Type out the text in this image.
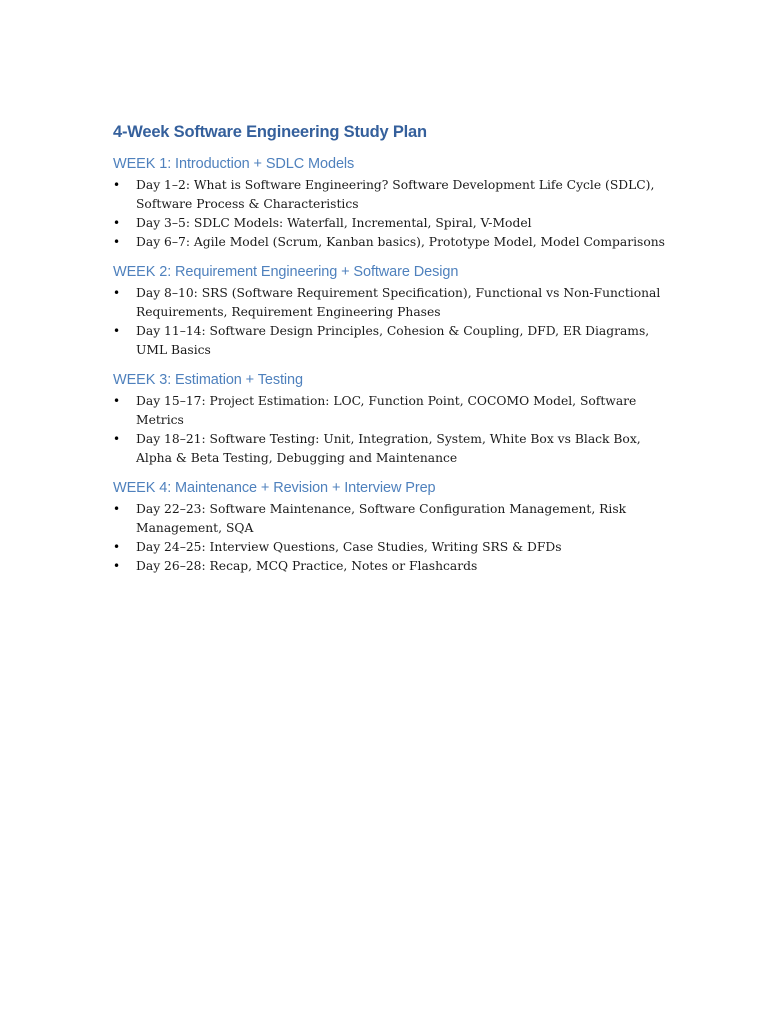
4-Week Software Engineering Study Plan
WEEK 1: Introduction + SDLC Models
• Day 1–2: What is Software Engineering? Software Development Life Cycle (SDLC), Software Process & Characteristics
• Day 3–5: SDLC Models: Waterfall, Incremental, Spiral, V-Model
• Day 6–7: Agile Model (Scrum, Kanban basics), Prototype Model, Model Comparisons
WEEK 2: Requirement Engineering + Software Design
• Day 8–10: SRS (Software Requirement Specification), Functional vs Non-Functional Requirements, Requirement Engineering Phases
• Day 11–14: Software Design Principles, Cohesion & Coupling, DFD, ER Diagrams, UML Basics
WEEK 3: Estimation + Testing
• Day 15–17: Project Estimation: LOC, Function Point, COCOMO Model, Software Metrics
• Day 18–21: Software Testing: Unit, Integration, System, White Box vs Black Box, Alpha & Beta Testing, Debugging and Maintenance
WEEK 4: Maintenance + Revision + Interview Prep
• Day 22–23: Software Maintenance, Software Configuration Management, Risk Management, SQA
• Day 24–25: Interview Questions, Case Studies, Writing SRS & DFDs
• Day 26–28: Recap, MCQ Practice, Notes or Flashcards
